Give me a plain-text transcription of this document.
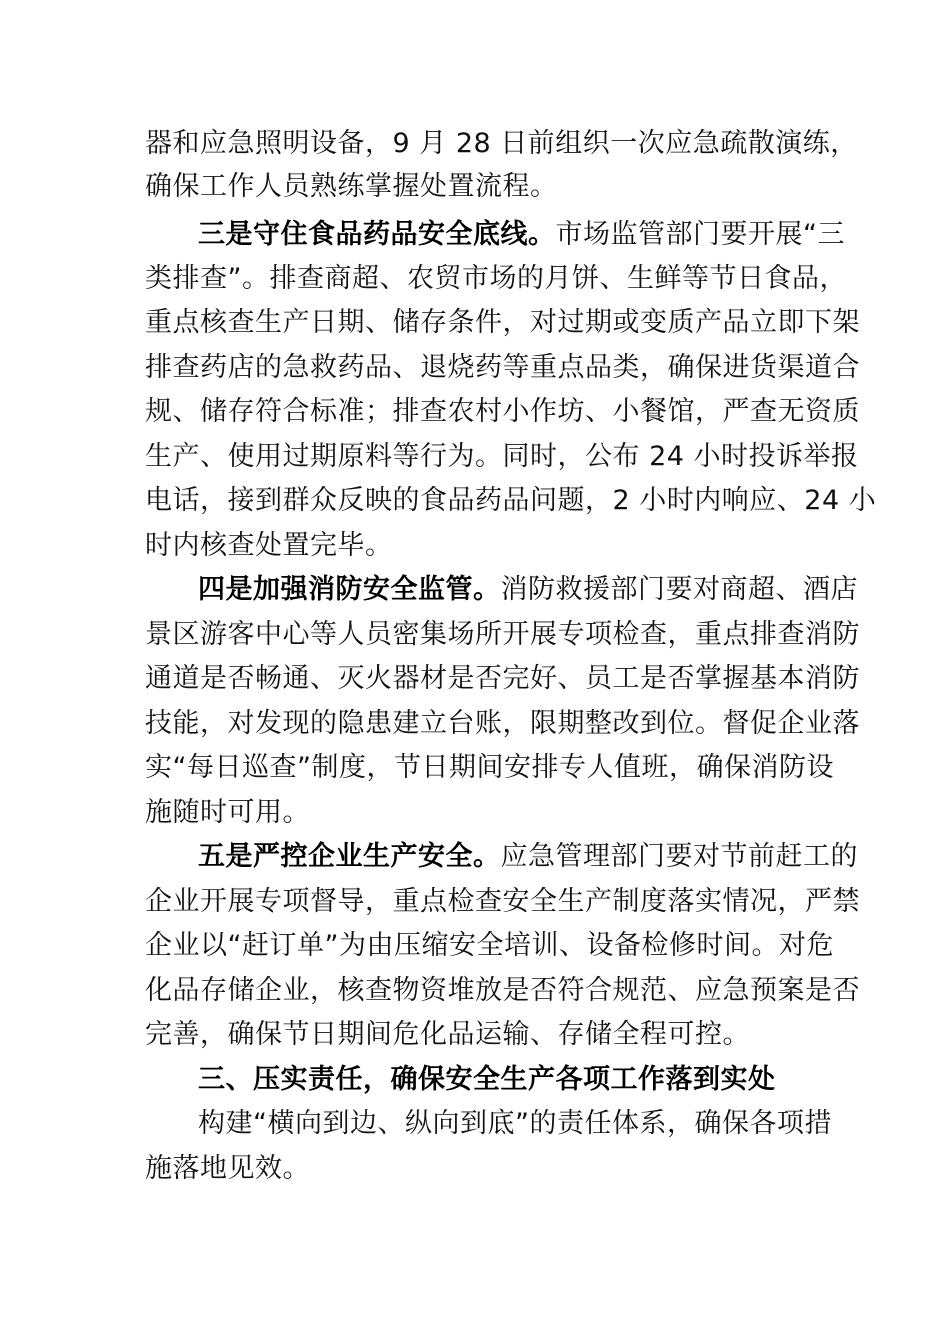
器和应急照明设备，9 月 28 日前组织一次应急疏散演练，
确保工作人员熟练掌握处置流程。
三是守住食品药品安全底线。市场监管部门要开展“三
类排查”。排查商超、农贸市场的月饼、生鲜等节日食品，
重点核查生产日期、储存条件，对过期或变质产品立即下架
排查药店的急救药品、退烧药等重点品类，确保进货渠道合
规、储存符合标准；排查农村小作坊、小餐馆，严查无资质
生产、使用过期原料等行为。同时，公布 24 小时投诉举报
电话，接到群众反映的食品药品问题，2 小时内响应、24 小
时内核查处置完毕。
四是加强消防安全监管。消防救援部门要对商超、酒店
景区游客中心等人员密集场所开展专项检查，重点排查消防
通道是否畅通、灭火器材是否完好、员工是否掌握基本消防
技能，对发现的隐患建立台账，限期整改到位。督促企业落
实“每日巡查”制度，节日期间安排专人值班，确保消防设
施随时可用。
五是严控企业生产安全。应急管理部门要对节前赶工的
企业开展专项督导，重点检查安全生产制度落实情况，严禁
企业以“赶订单”为由压缩安全培训、设备检修时间。对危
化品存储企业，核查物资堆放是否符合规范、应急预案是否
完善，确保节日期间危化品运输、存储全程可控。
三、压实责任，确保安全生产各项工作落到实处
构建“横向到边、纵向到底”的责任体系，确保各项措
施落地见效。
